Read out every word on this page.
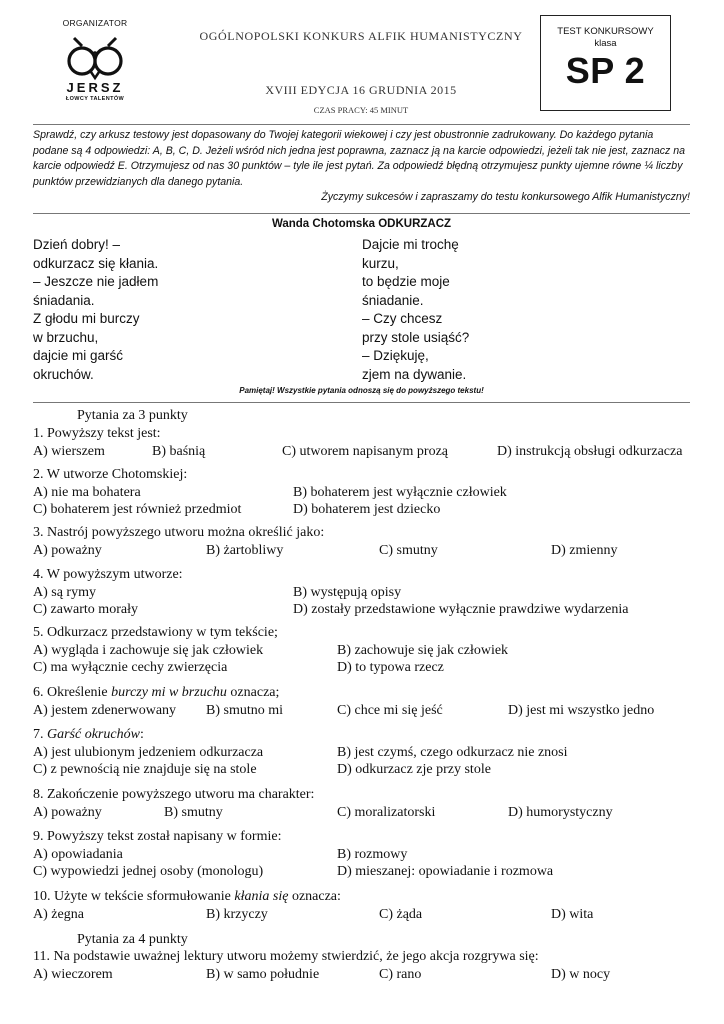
ORGANIZATOR
JERSZ
ŁOWCY TALENTÓW
OGÓLNOPOLSKI KONKURS ALFIK HUMANISTYCZNY
XVIII EDYCJA 16 GRUDNIA 2015
CZAS PRACY: 45 MINUT
TEST KONKURSOWY
klasa
SP 2

Sprawdź, czy arkusz testowy jest dopasowany do Twojej kategorii wiekowej i czy jest obustronnie zadrukowany. Do każdego pytania podane są 4 odpowiedzi: A, B, C, D. Jeżeli wśród nich jedna jest poprawna, zaznacz ją na karcie odpowiedzi, jeżeli tak nie jest, zaznacz na karcie odpowiedź E. Otrzymujesz od nas 30 punktów – tyle ile jest pytań. Za odpowiedź błędną otrzymujesz punkty ujemne równe ¼ liczby punktów przewidzianych dla danego pytania.

Życzymy sukcesów i zapraszamy do testu konkursowego Alfik Humanistyczny!

Wanda Chotomska ODKURZACZ
Dzień dobry! –
odkurzacz się kłania.
– Jeszcze nie jadłem
śniadania.
Z głodu mi burczy
w brzuchu,
dajcie mi garść
okruchów.
Dajcie mi trochę
kurzu,
to będzie moje
śniadanie.
– Czy chcesz
przy stole usiąść?
– Dziękuję,
zjem na dywanie.
Pamiętaj! Wszystkie pytania odnoszą się do powyższego tekstu!
Pytania za 3 punkty
1. Powyższy tekst jest:
A) wierszem	B) baśnią	C) utworem napisanym prozą	D) instrukcją obsługi odkurzacza
2. W utworze Chotomskiej:
A) nie ma bohatera	B) bohaterem jest wyłącznie człowiek
C) bohaterem jest również przedmiot	D) bohaterem jest dziecko
3. Nastrój powyższego utworu można określić jako:
A) poważny	B) żartobliwy	C) smutny	D) zmienny
4. W powyższym utworze:
A) są rymy	B) występują opisy
C) zawarto morały	D) zostały przedstawione wyłącznie prawdziwe wydarzenia
5. Odkurzacz przedstawiony w tym tekście;
A) wygląda i zachowuje się jak człowiek	B) zachowuje się jak człowiek
C) ma wyłącznie cechy zwierzęcia	D) to typowa rzecz
6. Określenie burczy mi w brzuchu oznacza;
A) jestem zdenerwowany B) smutno mi	C) chce mi się jeść	D) jest mi wszystko jedno
7. Garść okruchów:
A) jest ulubionym jedzeniem odkurzacza	B) jest czymś, czego odkurzacz nie znosi
C) z pewnością nie znajduje się na stole	D) odkurzacz zje przy stole
8. Zakończenie powyższego utworu ma charakter:
A) poważny	B) smutny	C) moralizatorski	D) humorystyczny
9. Powyższy tekst został napisany w formie:
A) opowiadania	B) rozmowy
C) wypowiedzi jednej osoby (monologu)	D) mieszanej: opowiadanie i rozmowa
10. Użyte w tekście sformułowanie kłania się oznacza:
A) żegna	B) krzyczy	C) żąda	D) wita
11. Na podstawie uważnej lektury utworu możemy stwierdzić, że jego akcja rozgrywa się:
A) wieczorem	B) w samo południe	C) rano	D) w nocy
Pytania za 4 punkty
